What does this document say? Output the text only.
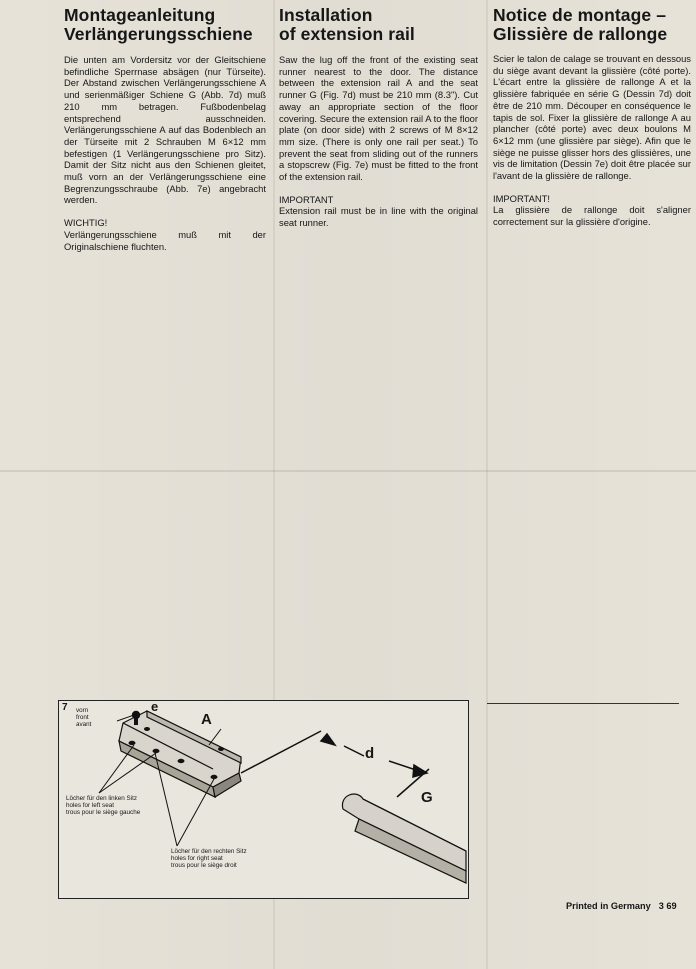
Montageanleitung
Verlängerungsschiene

Die unten am Vordersitz vor der Gleitschiene befindliche Sperrnase absägen (nur Türseite). Der Abstand zwischen Verlängerungsschiene A und serienmäßiger Schiene G (Abb. 7d) muß 210 mm betragen. Fußbodenbelag entsprechend ausschneiden. Verlängerungsschiene A auf das Bodenblech an der Türseite mit 2 Schrauben M 6×12 mm befestigen (1 Verlängerungsschiene pro Sitz). Damit der Sitz nicht aus den Schienen gleitet, muß vorn an der Verlängerungsschiene eine Begrenzungsschraube (Abb. 7e) angebracht werden.

WICHTIG!

Verlängerungsschiene muß mit der Originalschiene fluchten.

Installation
of extension rail

Saw the lug off the front of the existing seat runner nearest to the door. The distance between the extension rail A and the seat runner G (Fig. 7d) must be 210 mm (8.3"). Cut away an appropriate section of the floor covering. Secure the extension rail A to the floor plate (on door side) with 2 screws of M 8×12 mm size. (There is only one rail per seat.) To prevent the seat from sliding out of the runners a stopscrew (Fig. 7e) must be fitted to the front of the extension rail.

IMPORTANT

Extension rail must be in line with the original seat runner.

Notice de montage –
Glissière de rallonge

Scier le talon de calage se trouvant en dessous du siège avant devant la glissière (côté porte). L'écart entre la glissière de rallonge A et la glissière fabriquée en série G (Dessin 7d) doit être de 210 mm. Découper en conséquence le tapis de sol. Fixer la glissière de rallonge A au plancher (côté porte) avec deux boulons M 6×12 mm (une glissière par siège). Afin que le siège ne puisse glisser hors des glissières, une vis de limitation (Dessin 7e) doit être placée sur l'avant de la glissière de rallonge.

IMPORTANT!

La glissière de rallonge doit s'aligner correctement sur la glissière d'origine.

7 vorn
front
avant
e
A
d
G
Löcher für den linken Sitz
holes for left seat
trous pour le siège gauche
Löcher für den rechten Sitz
holes for right seat
trous pour le siège droit
Printed in Germany 3 69
